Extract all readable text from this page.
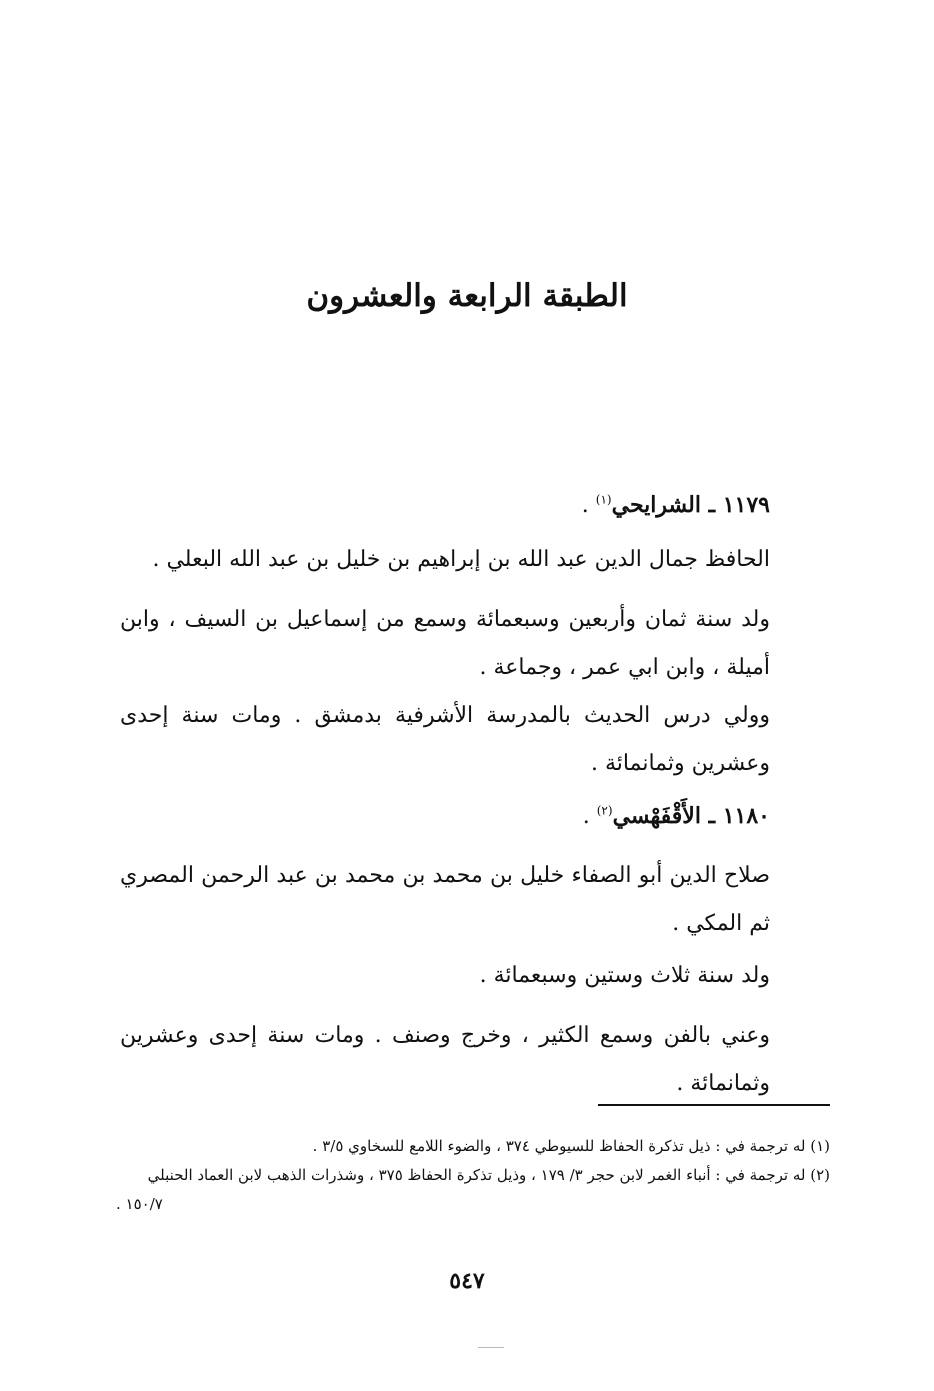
الطبقة الرابعة والعشرون

١١٧٩ ـ الشرايحي$^{(١)}$ .

الحافظ جمال الدين عبد الله بن إبراهيم بن خليل بن عبد الله البعلي .

ولد سنة ثمان وأربعين وسبعمائة وسمع من إسماعيل بن السيف ، وابن أميلة ، وابن ابي عمر ، وجماعة .

وولي درس الحديث بالمدرسة الأشرفية بدمشق . ومات سنة إحدى وعشرين وثمانمائة .

١١٨٠ ـ الأَقْفَهْسي$^{(٢)}$ .

صلاح الدين أبو الصفاء خليل بن محمد بن محمد بن عبد الرحمن المصري ثم المكي .

ولد سنة ثلاث وستين وسبعمائة .

وعني بالفن وسمع الكثير ، وخرج وصنف . ومات سنة إحدى وعشرين وثمانمائة .

(١) له ترجمة في : ذيل تذكرة الحفاظ للسيوطي ٣٧٤ ، والضوء اللامع للسخاوي ٣/٥ .

(٢) له ترجمة في : أنباء الغمر لابن حجر ٣/ ١٧٩ ، وذيل تذكرة الحفاظ ٣٧٥ ، وشذرات الذهب لابن العماد الحنبلي

١٥٠/٧ .

٥٤٧
